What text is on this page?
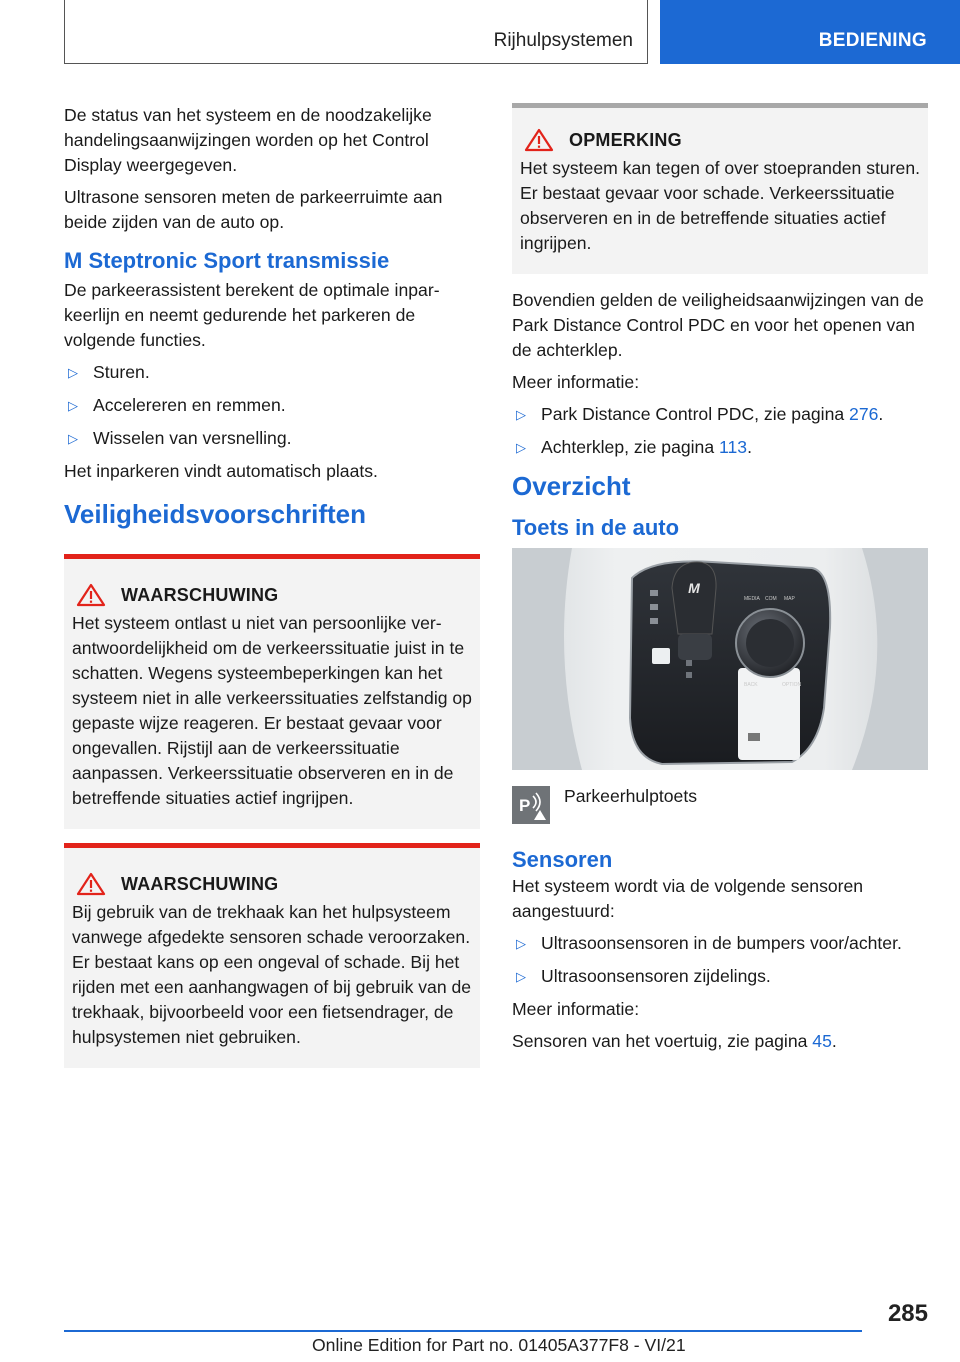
Rijhulpsystemen	BEDIENING

De status van het systeem en de noodzakelijke handelingsaanwijzingen worden op het Control Display weergegeven.

Ultrasone sensoren meten de parkeerruimte aan beide zijden van de auto op.

M Steptronic Sport transmissie

De parkeerassistent berekent de optimale inparkeerlijn en neemt gedurende het parkeren de volgende functies.

▷ Sturen.
▷ Accelereren en remmen.
▷ Wisselen van versnelling.

Het inparkeren vindt automatisch plaats.

Veiligheidsvoorschriften
WAARSCHUWING

Het systeem ontlast u niet van persoonlijke verantwoordelijkheid om de verkeerssituatie juist in te schatten. Wegens systeembeperkingen kan het systeem niet in alle verkeerssituaties zelfstandig op gepaste wijze reageren. Er bestaat gevaar voor ongevallen. Rijstijl aan de verkeerssituatie aanpassen. Verkeerssituatie observeren en in de betreffende situaties actief ingrijpen.

WAARSCHUWING

Bij gebruik van de trekhaak kan het hulpsysteem vanwege afgedekte sensoren schade veroorzaken. Er bestaat kans op een ongeval of schade. Bij het rijden met een aanhangwagen of bij gebruik van de trekhaak, bijvoorbeeld voor een fietsendrager, de hulpsystemen niet gebruiken.

OPMERKING

Het systeem kan tegen of over stoepranden sturen. Er bestaat gevaar voor schade. Verkeerssituatie observeren en in de betreffende situaties actief ingrijpen.

Bovendien gelden de veiligheidsaanwijzingen van de Park Distance Control PDC en voor het openen van de achterklep.

Meer informatie:

▷ Park Distance Control PDC, zie pagina 276.
▷ Achterklep, zie pagina 113.
Overzicht
Toets in de auto
M
MEDIA COM MAP
BACK	OPTION
P Parkeerhulptoets
Sensoren

Het systeem wordt via de volgende sensoren aangestuurd:

▷ Ultrasoonsensoren in de bumpers voor/achter.
▷ Ultrasoonsensoren zijdelings.

Meer informatie:

Sensoren van het voertuig, zie pagina 45.

285
Online Edition for Part no. 01405A377F8 - VI/21
